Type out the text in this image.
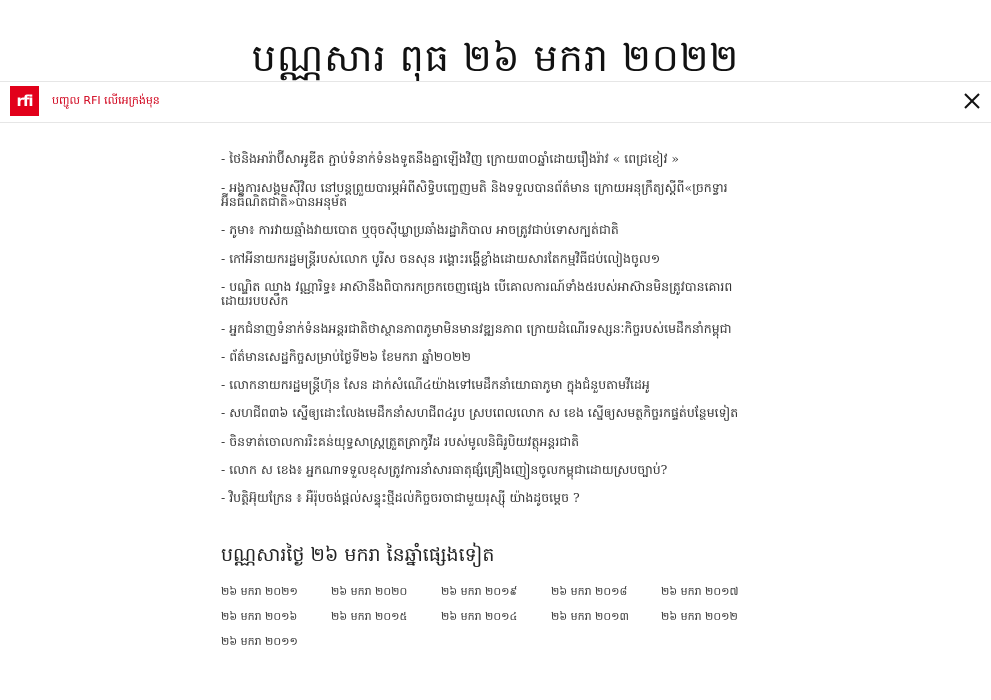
បណ្ណសារ ពុធ ២៦ មករា ២០២២
rfi	បញ្ជូល RFI លើអេក្រង់មុន
- ថៃនិងអារ៉ាប៊ីសាអូឌីត ភ្ជាប់ទំនាក់ទំនងទូតនឹងគ្នាឡើងវិញ ក្រោយ៣០ឆ្នាំដោយរឿងរ៉ាវ « ពេជ្រខៀវ »
- អង្គការសង្គមស៊ីវិល នៅបន្តព្រួយបារម្ភអំពីសិទ្ធិបញ្ចេញមតិ និងទទួលបានព័ត៌មាន ក្រោយអនុក្រឹត្យស្ដីពី«ច្រកទ្វារអ៊ីនធឺណិតជាតិ»បានអនុម័ត
- ភូមា៖ ការវាយឆ្មាំងវាយបោត ឬចុចស៊ីឃ្លាប្រឆាំងរដ្ឋាភិបាល អាចត្រូវជាប់ទោសក្បត់ជាតិ
- កៅអីនាយករដ្ឋមន្ត្រីរបស់លោក បូរីស ចនសុន រង្គោះរង្គើខ្លាំងដោយសារតែកម្មវិធីជប់លៀងចូល១
- បណ្ឌិត ឈាង វណ្ណារិទ្ធ៖ អាស៊ានឹងពិបាករកច្រកចេញផ្សេង បើគោលការណ៍ទាំង៥របស់អាស៊ានមិនត្រូវបានគោរពដោយរបបសឹក
- អ្នកជំនាញទំនាក់ទំនងអន្តរជាតិថាស្ថានភាពភូមាមិនមានវឌ្ឍនភាព ក្រោយដំណើរទស្សនៈកិច្ចរបស់មេដឹកនាំកម្ពុជា
- ព័ត៌មានសេដ្ឋកិច្ចសម្រាប់ថ្ងៃទី២៦ ខែមករា ឆ្នាំ២០២២
- លោកនាយករដ្ឋមន្ត្រីហ៊ុន សែន ដាក់សំណើ៤យ៉ាងទៅមេដឹកនាំយោធាភូមា ក្នុងជំនួបតាមវីដេអូ
- សហជីព៣៦ ស្នើឲ្យដោះលែងមេដឹកនាំសហជីព៤រូប ស្របពេលលោក ស ខេង ស្នើឲ្យសមត្ថកិច្ចរកផ្ទត់បន្ថែមទៀត
- ចិនទាត់ចោលការរិះគន់យុទ្ធសាស្ត្រត្រួតត្រាកូវីដ របស់មូលនិធិរូបិយវត្ថុអន្តរជាតិ
- លោក ស ខេង៖ អ្នកណាទទួលខុសត្រូវការនាំសារធាតុផ្សំគ្រឿងញៀនចូលកម្ពុជាដោយស្របច្បាប់?
- វិបត្តិអ៊ុយក្រែន ៖ អឺរ៉ុបចង់ផ្ដល់សន្ទុះថ្មីដល់កិច្ចចរចាជាមួយរុស្ស៊ី យ៉ាងដូចម្ដេច ?
បណ្ណសារថ្ងៃ ២៦ មករា នៃឆ្នាំផ្សេងទៀត
២៦ មករា ២០២១	២៦ មករា ២០២០	២៦ មករា ២០១៩	២៦ មករា ២០១៨	២៦ មករា ២០១៧
២៦ មករា ២០១៦	២៦ មករា ២០១៥	២៦ មករា ២០១៤	២៦ មករា ២០១៣	២៦ មករា ២០១២
២៦ មករា ២០១១
